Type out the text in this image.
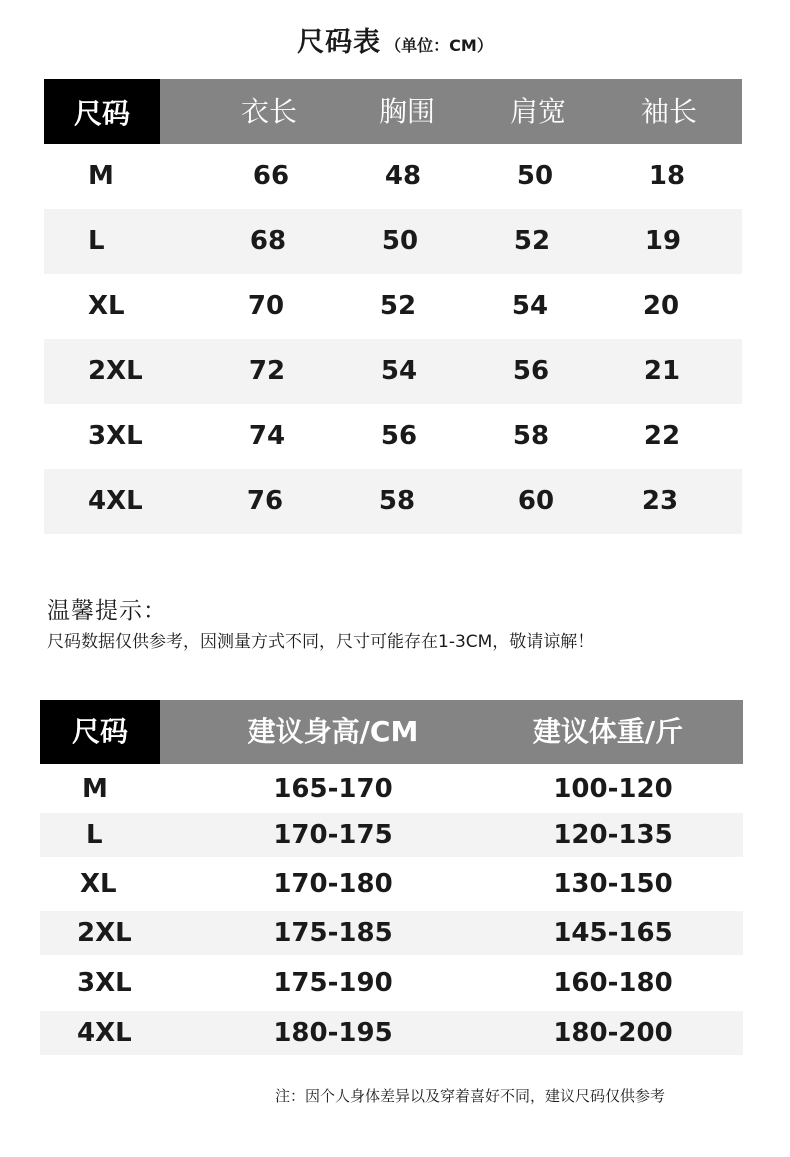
尺码表 （单位：CM）
尺码	衣长	胸围	肩宽	袖长
M	66	48	50	18
L	68	50	52	19
XL	70	52	54	20
2XL	72	54	56	21
3XL	74	56	58	22
4XL	76	58	60	23
温馨提示：
尺码数据仅供参考，因测量方式不同，尺寸可能存在1-3CM，敬请谅解！
尺码	建议身高/CM	建议体重/斤
M	165-170	100-120
L	170-175	120-135
XL	170-180	130-150
2XL	175-185	145-165
3XL	175-190	160-180
4XL	180-195	180-200
注：因个人身体差异以及穿着喜好不同，建议尺码仅供参考
